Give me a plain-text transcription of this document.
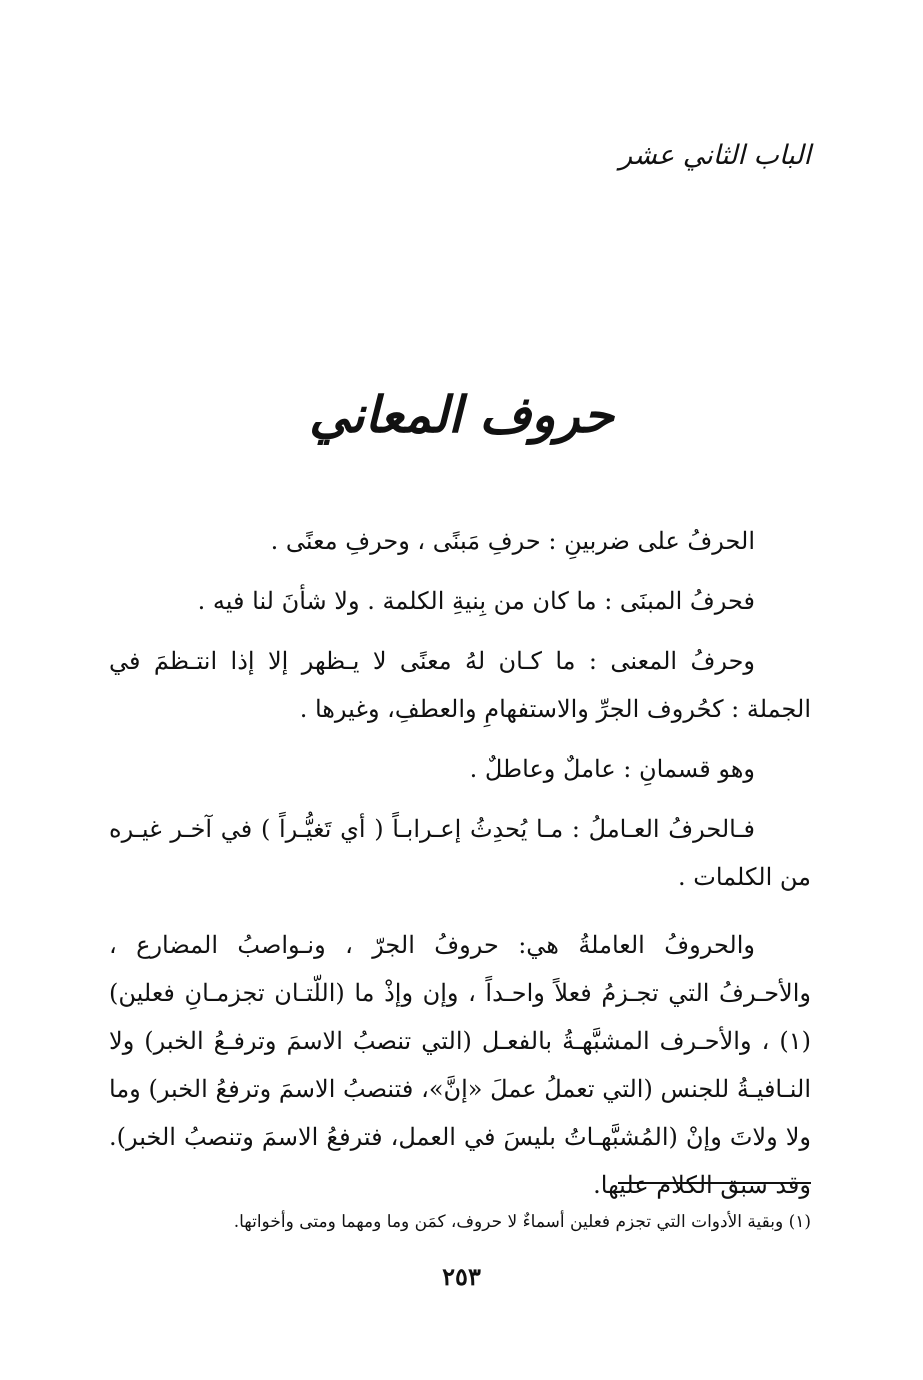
الباب الثاني عشر
حروف المعاني

الحرفُ على ضربينِ : حرفِ مَبنًى ، وحرفِ معنًى .

فحرفُ المبنَى : ما كان من بِنيةِ الكلمة . ولا شأنَ لنا فيه .

وحرفُ المعنى : ما كـان لهُ معنًى لا يـظهر إلا إذا انتـظمَ في الجملة : كحُروف الجرِّ والاستفهامِ والعطفِ، وغيرها .

وهو قسمانِ : عاملٌ وعاطلٌ .

فـالحرفُ العـاملُ : مـا يُحدِثُ إعـرابـاً ( أي تَغيُّـراً ) في آخـر غيـره من الكلمات .

والحروفُ العاملةُ هي: حروفُ الجرّ ، ونـواصبُ المضارع ، والأحـرفُ التي تجـزمُ فعلاً واحـداً ، وإن وإذْ ما (اللّتـان تجزمـانِ فعلين)(١) ، والأحـرف المشبَّهـةُ بالفعـل (التي تنصبُ الاسمَ وترفـعُ الخبر) ولا النـافيـةُ للجنس (التي تعملُ عملَ «إنَّ»، فتنصبُ الاسمَ وترفعُ الخبر) وما ولا ولاتَ وإنْ (المُشبَّهـاتُ بليسَ في العمل، فترفعُ الاسمَ وتنصبُ الخبر). وقد سبق الكلام عليها.

(١) وبقية الأدوات التي تجزم فعلين أسماءٌ لا حروف، كمَن وما ومهما ومتى وأخواتها.
٢٥٣
